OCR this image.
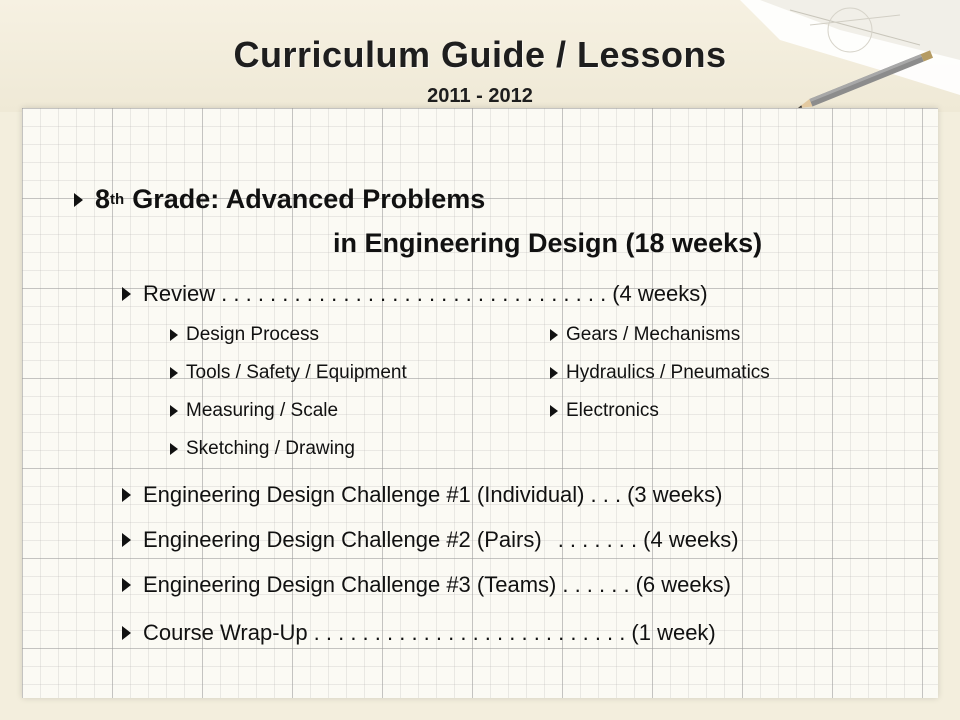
Curriculum Guide / Lessons
2011 - 2012
8 th Grade: Advanced Problems
in Engineering Design (18 weeks)
Review . . . . . . . . . . . . . . . . . . . . . . . . . . . . . . . . (4 weeks)
Design Process
Tools / Safety / Equipment
Measuring / Scale
Sketching / Drawing
Gears / Mechanisms
Hydraulics / Pneumatics
Electronics
Engineering Design Challenge #1 (Individual) . . . (3 weeks)
Engineering Design Challenge #2 (Pairs) . . . . . . . (4 weeks)
Engineering Design Challenge #3 (Teams) . . . . . . (6 weeks)
Course Wrap-Up . . . . . . . . . . . . . . . . . . . . . . . . . . (1 week)
